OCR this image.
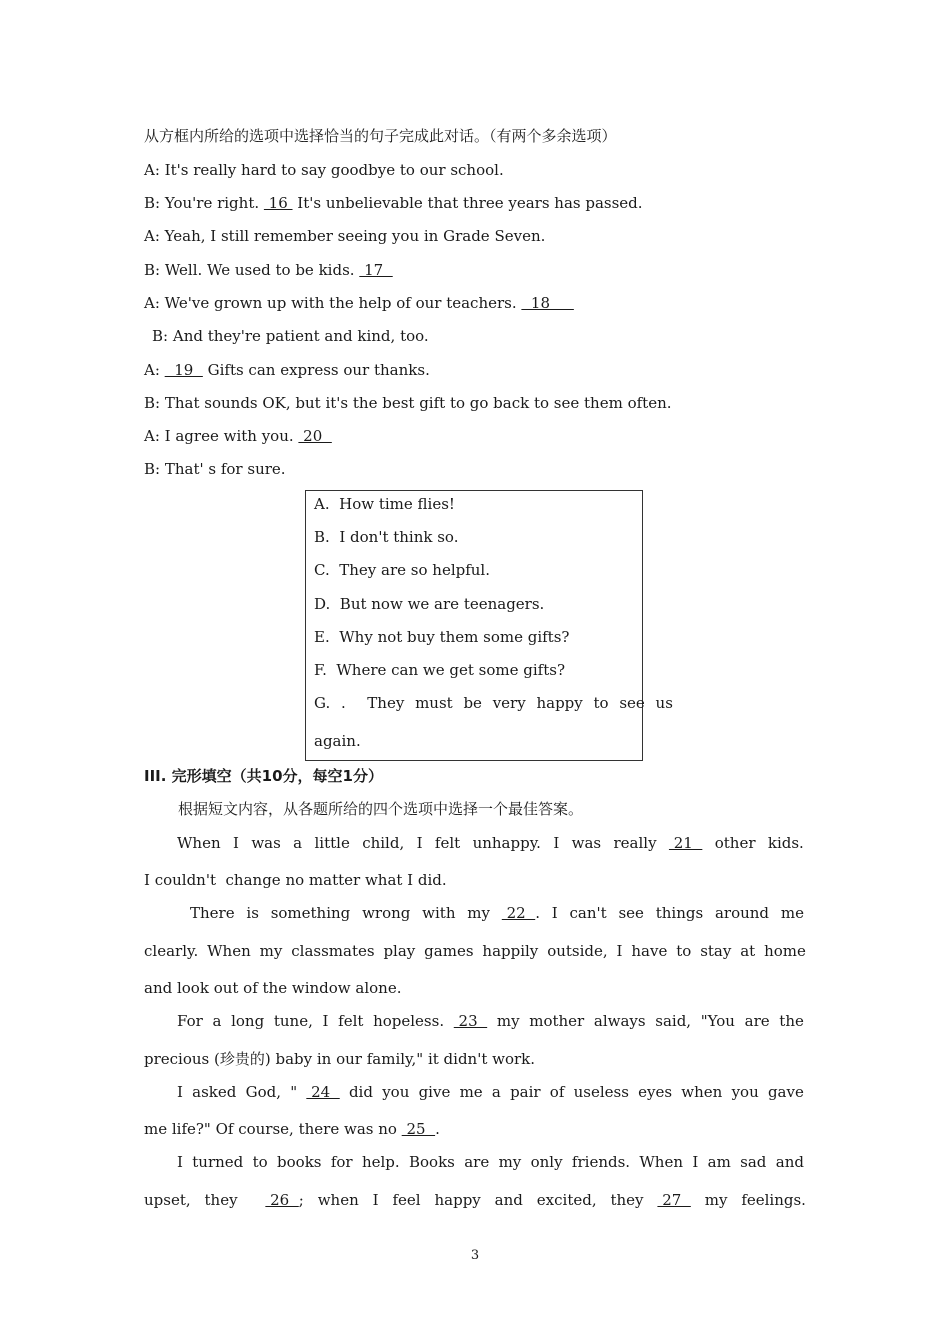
从方框内所给的选项中选择恰当的句子完成此对话。（有两个多余选项）
A: It's really hard to say goodbye to our school.
B: You're right.  16  It's unbelievable that three years has passed.
A: Yeah, I still remember seeing you in Grade Seven.
B: Well. We used to be kids.  17
A: We've grown up with the help of our teachers.   18
B: And they're patient and kind, too.
A:   19   Gifts can express our thanks.
B: That sounds OK, but it's the best gift to go back to see them often.
A: I agree with you.  20
B: That' s for sure.
A.  How time flies!
B.  I don't think so.
C.  They are so helpful.
D.  But now we are teenagers.
E.  Why not buy them some gifts?
F.  Where can we get some gifts?
G. .  They must be very happy to see us
again.
III. 完形填空（共10分，每空1分）
根据短文内容，从各题所给的四个选项中选择一个最佳答案。
When I was a little child, I felt unhappy. I was really 21 other kids.
I couldn't  change no matter what I did.
There is something wrong with my 22  . I can't see things around me
clearly. When my classmates play games happily outside, I have to stay at home
and look out of the window alone.
For a long tune, I felt hopeless. 23 my mother always said, "You are the
precious (珍贵的) baby in our family," it didn't work.
I asked God, " 24 did you give me a pair of useless eyes when you gave
me life?" Of course, there was no  25  .
I turned to books for help. Books are my only friends. When I am sad and
upset, they 26  ; when I feel happy and excited, they 27 my feelings.
3
